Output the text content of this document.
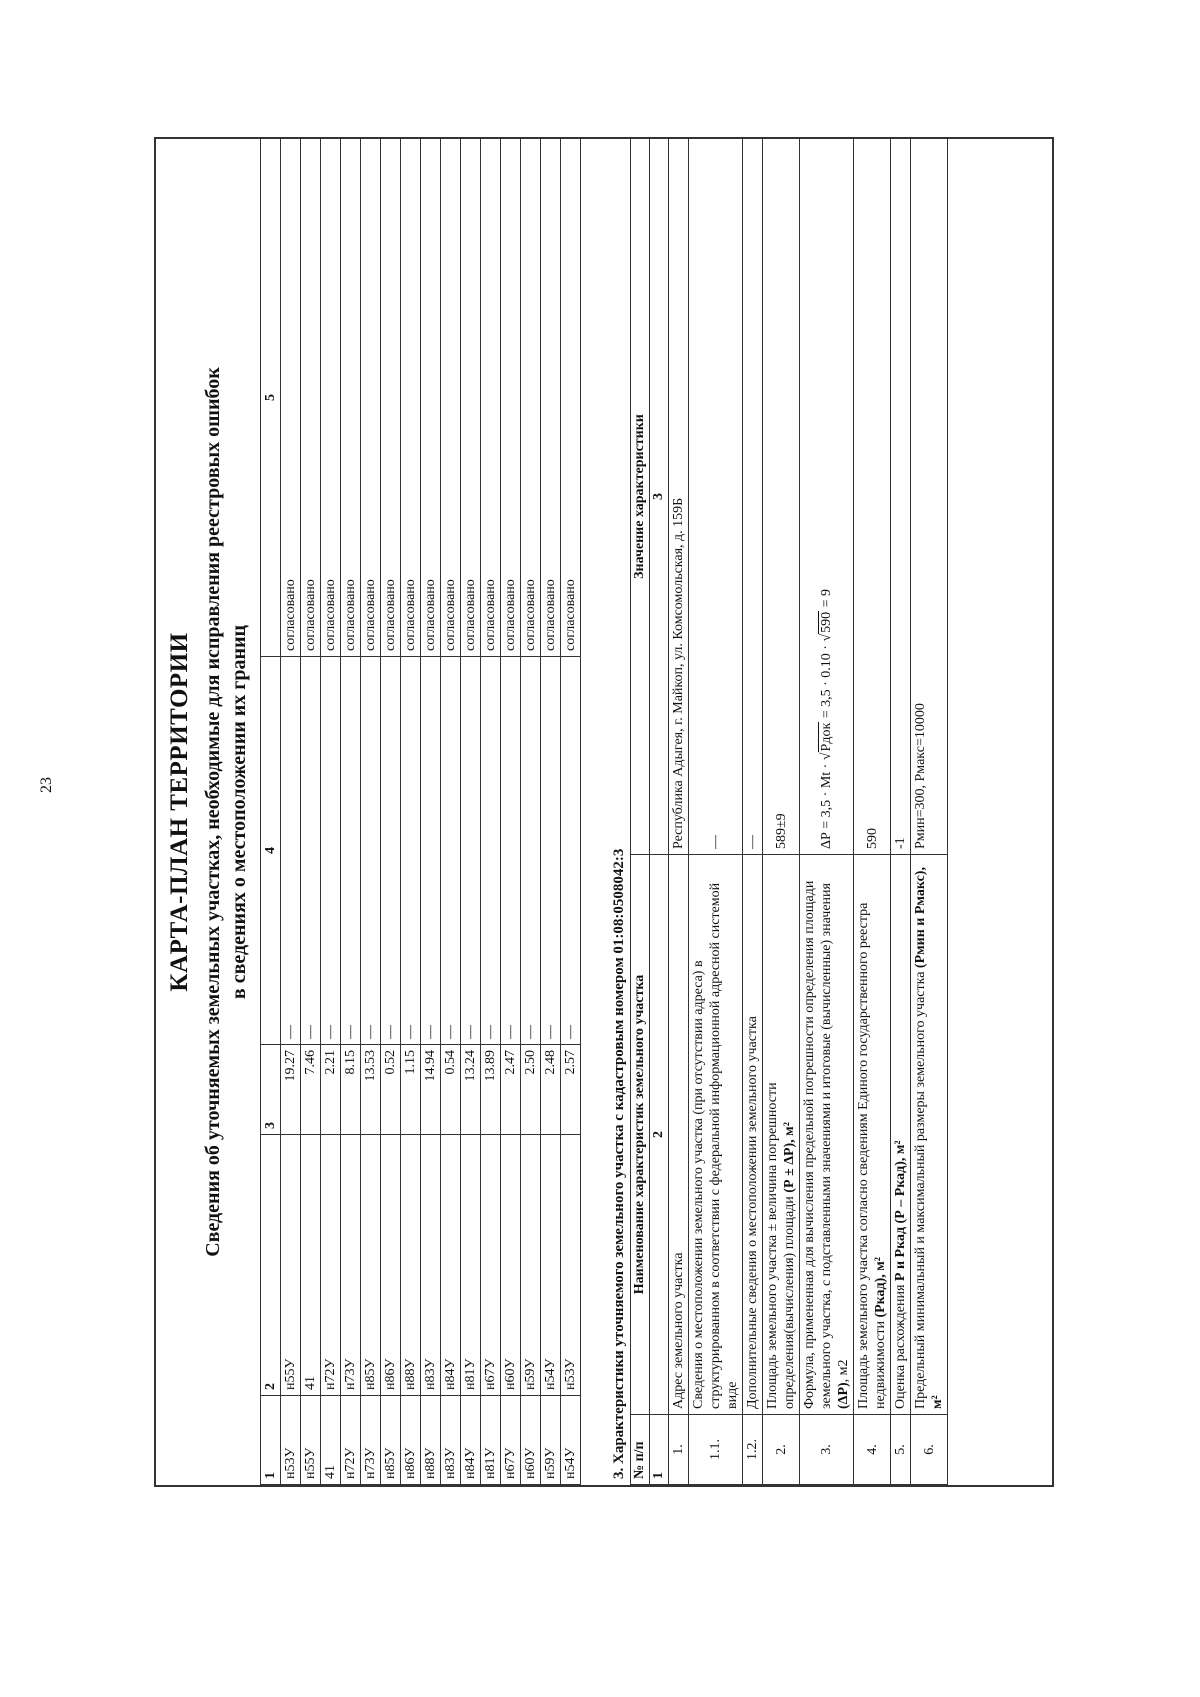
23	КАРТА-ПЛАН ТЕРРИТОРИИ Сведения об уточняемых земельных участках, необходимые для исправления реестровых ошибок в сведениях о местоположении их границ
1	2	3	4	5
н53У	н55У	19.27	—	согласовано
н55У	41	7.46	—	согласовано
41	н72У	2.21	—	согласовано
н72У	н73У	8.15	—	согласовано
н73У	н85У	13.53	—	согласовано
н85У	н86У	0.52	—	согласовано
н86У	н88У	1.15	—	согласовано
н88У	н83У	14.94	—	согласовано
н83У	н84У	0.54	—	согласовано
н84У	н81У	13.24	—	согласовано
н81У	н67У	13.89	—	согласовано
н67У	н60У	2.47	—	согласовано
н60У	н59У	2.50	—	согласовано
н59У	н54У	2.48	—	согласовано
н54У	н53У	2.57	—	согласовано
3. Характеристики уточняемого земельного участка с кадастровым номером 01:08:0508042:3 № п/п	Наименование характеристик земельного участка	Значение характеристики
1	2	3
1.	Адрес земельного участка	Республика Адыгея, г. Майкоп, ул. Комсомольская, д. 159Б
1.1.	Сведения о местоположении земельного участка (при отсутствии адреса) в структурированном в соответствии с федеральной информационной адресной системой виде	—
1.2.	Дополнительные сведения о местоположении земельного участка	—
2.	Площадь земельного участка ± величина погрешности определения(вычисления) площади (Р ± ΔР), м²	589±9
3.	Формула, примененная для вычисления предельной погрешности определения площади земельного участка, с подставленными значениями и итоговые (вычисленные) значения (ΔР), м2	ΔР = 3,5 · Mt · √Pдок = 3,5 · 0.10 · √590 = 9
4.	Площадь земельного участка согласно сведениям Единого государственного реестра недвижимости (Ркад), м²	590
5.	Оценка расхождения Р и Ркад (Р – Ркад), м²	-1
6.	Предельный минимальный и максимальный размеры земельного участка (Рмин и Рмакс), м²	Рмин=300, Рмакс=10000
